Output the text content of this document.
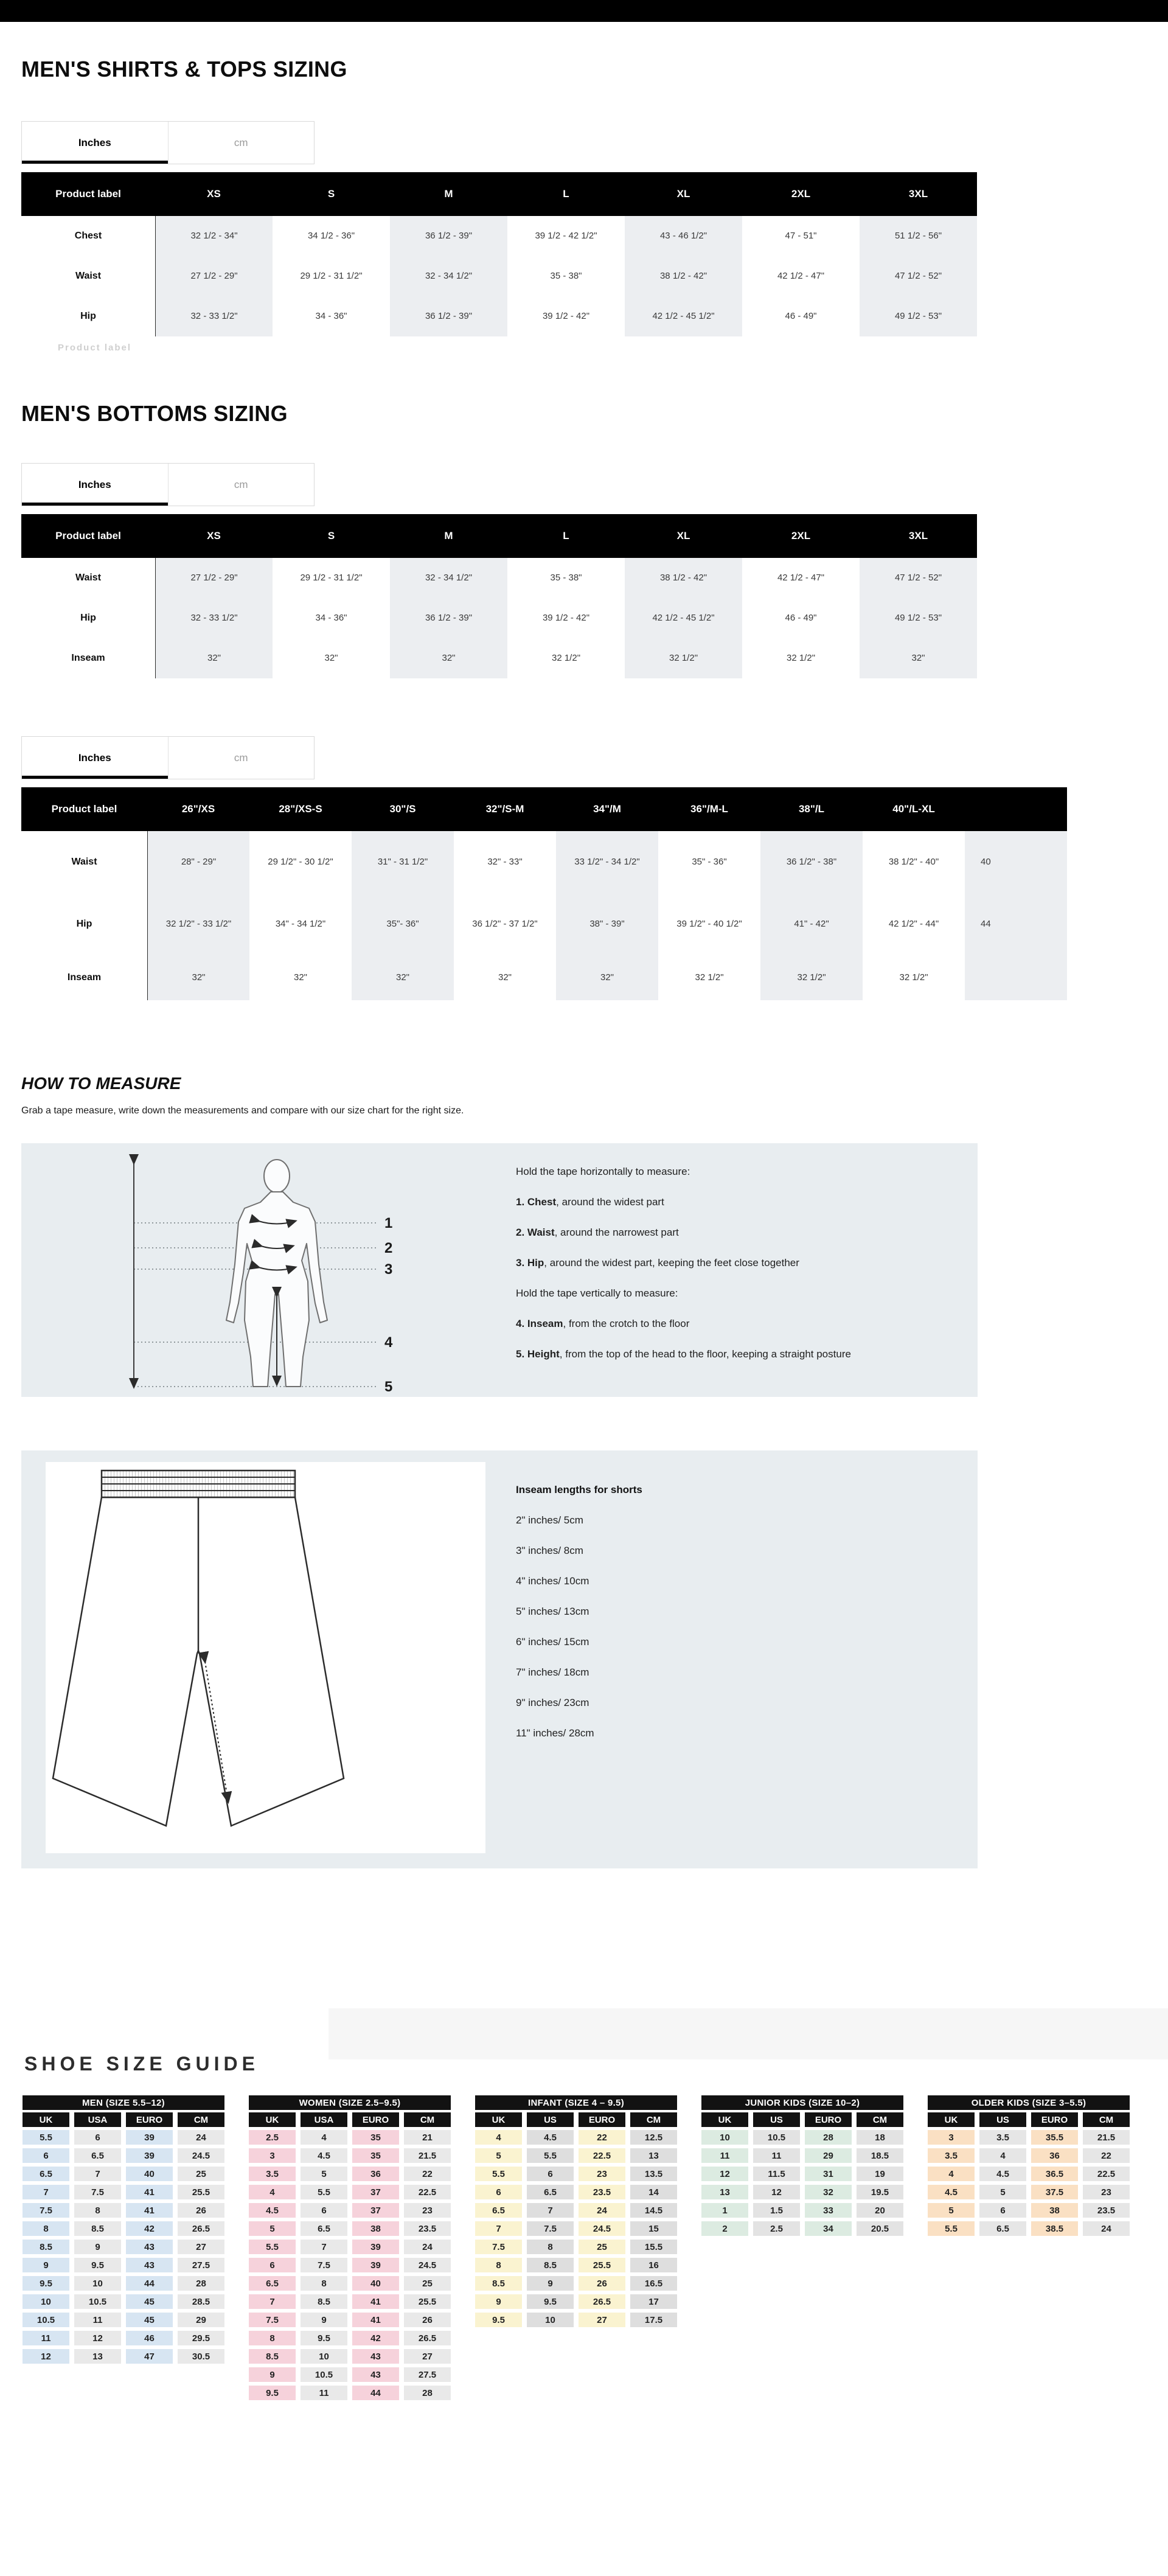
MEN'S SHIRTS & TOPS SIZING
Inches	cm
Product label	XS	S	M	L	XL	2XL	3XL
Chest	32 1/2 - 34"	34 1/2 - 36"	36 1/2 - 39"	39 1/2 - 42 1/2"	43 - 46 1/2"	47 - 51"	51 1/2 - 56"
Waist	27 1/2 - 29"	29 1/2 - 31 1/2"	32 - 34 1/2"	35 - 38"	38 1/2 - 42"	42 1/2 - 47"	47 1/2 - 52"
Hip	32 - 33 1/2"	34 - 36"	36 1/2 - 39"	39 1/2 - 42"	42 1/2 - 45 1/2"	46 - 49"	49 1/2 - 53"
Product label
MEN'S BOTTOMS SIZING
Inches	cm
Product label	XS	S	M	L	XL	2XL	3XL
Waist	27 1/2 - 29"	29 1/2 - 31 1/2"	32 - 34 1/2"	35 - 38"	38 1/2 - 42"	42 1/2 - 47"	47 1/2 - 52"
Hip	32 - 33 1/2"	34 - 36"	36 1/2 - 39"	39 1/2 - 42"	42 1/2 - 45 1/2"	46 - 49"	49 1/2 - 53"
Inseam	32"	32"	32"	32 1/2"	32 1/2"	32 1/2"	32"
Inches	cm
Product label	26"/XS	28"/XS-S	30"/S	32"/S-M	34"/M	36"/M-L	38"/L	40"/L-XL
Waist	28" - 29"	29 1/2" - 30 1/2"	31" - 31 1/2"	32" - 33"	33 1/2" - 34 1/2"	35" - 36"	36 1/2" - 38"	38 1/2" - 40"	40
Hip	32 1/2" - 33 1/2"	34" - 34 1/2"	35"- 36"	36 1/2" - 37 1/2"	38" - 39"	39 1/2" - 40 1/2"	41" - 42"	42 1/2" - 44"	44
Inseam	32"	32"	32"	32"	32"	32 1/2"	32 1/2"	32 1/2"
HOW TO MEASURE

Grab a tape measure, write down the measurements and compare with our size chart for the right size.

1
2
3
4
5

Hold the tape horizontally to measure:

1. Chest , around the widest part

2. Waist , around the narrowest part

3. Hip , around the widest part, keeping the feet close together

Hold the tape vertically to measure:

4. Inseam , from the crotch to the floor

5. Height , from the top of the head to the floor, keeping a straight posture

Inseam lengths for shorts

2" inches/ 5cm

3" inches/ 8cm

4" inches/ 10cm

5" inches/ 13cm

6" inches/ 15cm

7" inches/ 18cm

9" inches/ 23cm

11" inches/ 28cm

SHOE SIZE GUIDE
MEN (SIZE 5.5–12)
UK	USA	EURO	CM
5.5	6	39	24
6	6.5	39	24.5
6.5	7	40	25
7	7.5	41	25.5
7.5	8	41	26
8	8.5	42	26.5
8.5	9	43	27
9	9.5	43	27.5
9.5	10	44	28
10	10.5	45	28.5
10.5	11	45	29
11	12	46	29.5
12	13	47	30.5
WOMEN (SIZE 2.5–9.5)
UK	USA	EURO	CM
2.5	4	35	21
3	4.5	35	21.5
3.5	5	36	22
4	5.5	37	22.5
4.5	6	37	23
5	6.5	38	23.5
5.5	7	39	24
6	7.5	39	24.5
6.5	8	40	25
7	8.5	41	25.5
7.5	9	41	26
8	9.5	42	26.5
8.5	10	43	27
9	10.5	43	27.5
9.5	11	44	28
INFANT (SIZE 4 – 9.5)
UK	US	EURO	CM
4	4.5	22	12.5
5	5.5	22.5	13
5.5	6	23	13.5
6	6.5	23.5	14
6.5	7	24	14.5
7	7.5	24.5	15
7.5	8	25	15.5
8	8.5	25.5	16
8.5	9	26	16.5
9	9.5	26.5	17
9.5	10	27	17.5
JUNIOR KIDS (SIZE 10–2)
UK	US	EURO	CM
10	10.5	28	18
11	11	29	18.5
12	11.5	31	19
13	12	32	19.5
1	1.5	33	20
2	2.5	34	20.5
OLDER KIDS (SIZE 3–5.5)
UK	US	EURO	CM
3	3.5	35.5	21.5
3.5	4	36	22
4	4.5	36.5	22.5
4.5	5	37.5	23
5	6	38	23.5
5.5	6.5	38.5	24
